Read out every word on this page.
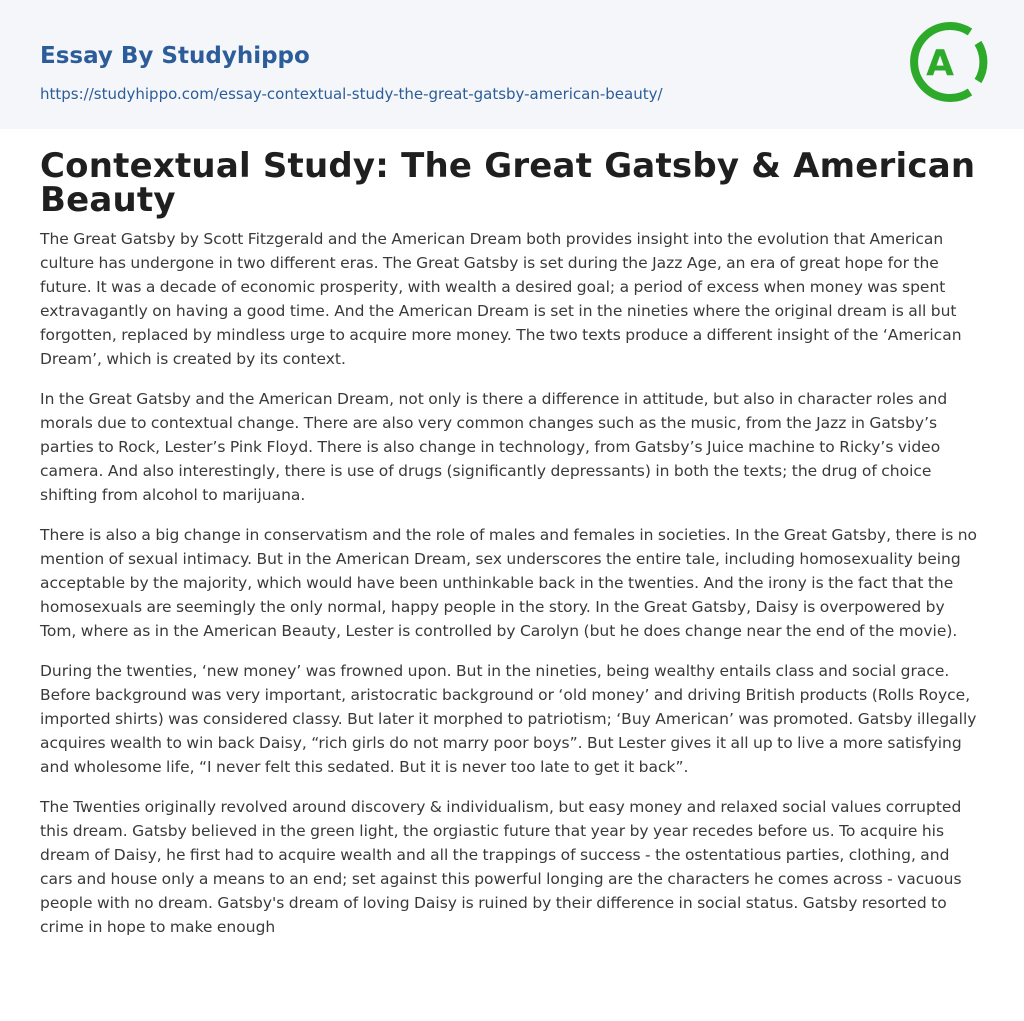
Essay By Studyhippo
https://studyhippo.com/essay-contextual-study-the-great-gatsby-american-beauty/
A
Contextual Study: The Great Gatsby & American Beauty

The Great Gatsby by Scott Fitzgerald and the American Dream both provides insight into the evolution that American culture has undergone in two different eras. The Great Gatsby is set during the Jazz Age, an era of great hope for the future. It was a decade of economic prosperity, with wealth a desired goal; a period of excess when money was spent extravagantly on having a good time. And the American Dream is set in the nineties where the original dream is all but forgotten, replaced by mindless urge to acquire more money. The two texts produce a different insight of the ‘American Dream’, which is created by its context.

In the Great Gatsby and the American Dream, not only is there a difference in attitude, but also in character roles and morals due to contextual change. There are also very common changes such as the music, from the Jazz in Gatsby’s parties to Rock, Lester’s Pink Floyd. There is also change in technology, from Gatsby’s Juice machine to Ricky’s video camera. And also interestingly, there is use of drugs (significantly depressants) in both the texts; the drug of choice shifting from alcohol to marijuana.

There is also a big change in conservatism and the role of males and females in societies. In the Great Gatsby, there is no mention of sexual intimacy. But in the American Dream, sex underscores the entire tale, including homosexuality being acceptable by the majority, which would have been unthinkable back in the twenties. And the irony is the fact that the homosexuals are seemingly the only normal, happy people in the story. In the Great Gatsby, Daisy is overpowered by Tom, where as in the American Beauty, Lester is controlled by Carolyn (but he does change near the end of the movie).

During the twenties, ‘new money’ was frowned upon. But in the nineties, being wealthy entails class and social grace. Before background was very important, aristocratic background or ‘old money’ and driving British products (Rolls Royce, imported shirts) was considered classy. But later it morphed to patriotism; ‘Buy American’ was promoted. Gatsby illegally acquires wealth to win back Daisy, “rich girls do not marry poor boys”. But Lester gives it all up to live a more satisfying and wholesome life, “I never felt this sedated. But it is never too late to get it back”.

The Twenties originally revolved around discovery & individualism, but easy money and relaxed social values corrupted this dream. Gatsby believed in the green light, the orgiastic future that year by year recedes before us. To acquire his dream of Daisy, he first had to acquire wealth and all the trappings of success - the ostentatious parties, clothing, and cars and house only a means to an end; set against this powerful longing are the characters he comes across - vacuous people with no dream. Gatsby's dream of loving Daisy is ruined by their difference in social status. Gatsby resorted to crime in hope to make enough
